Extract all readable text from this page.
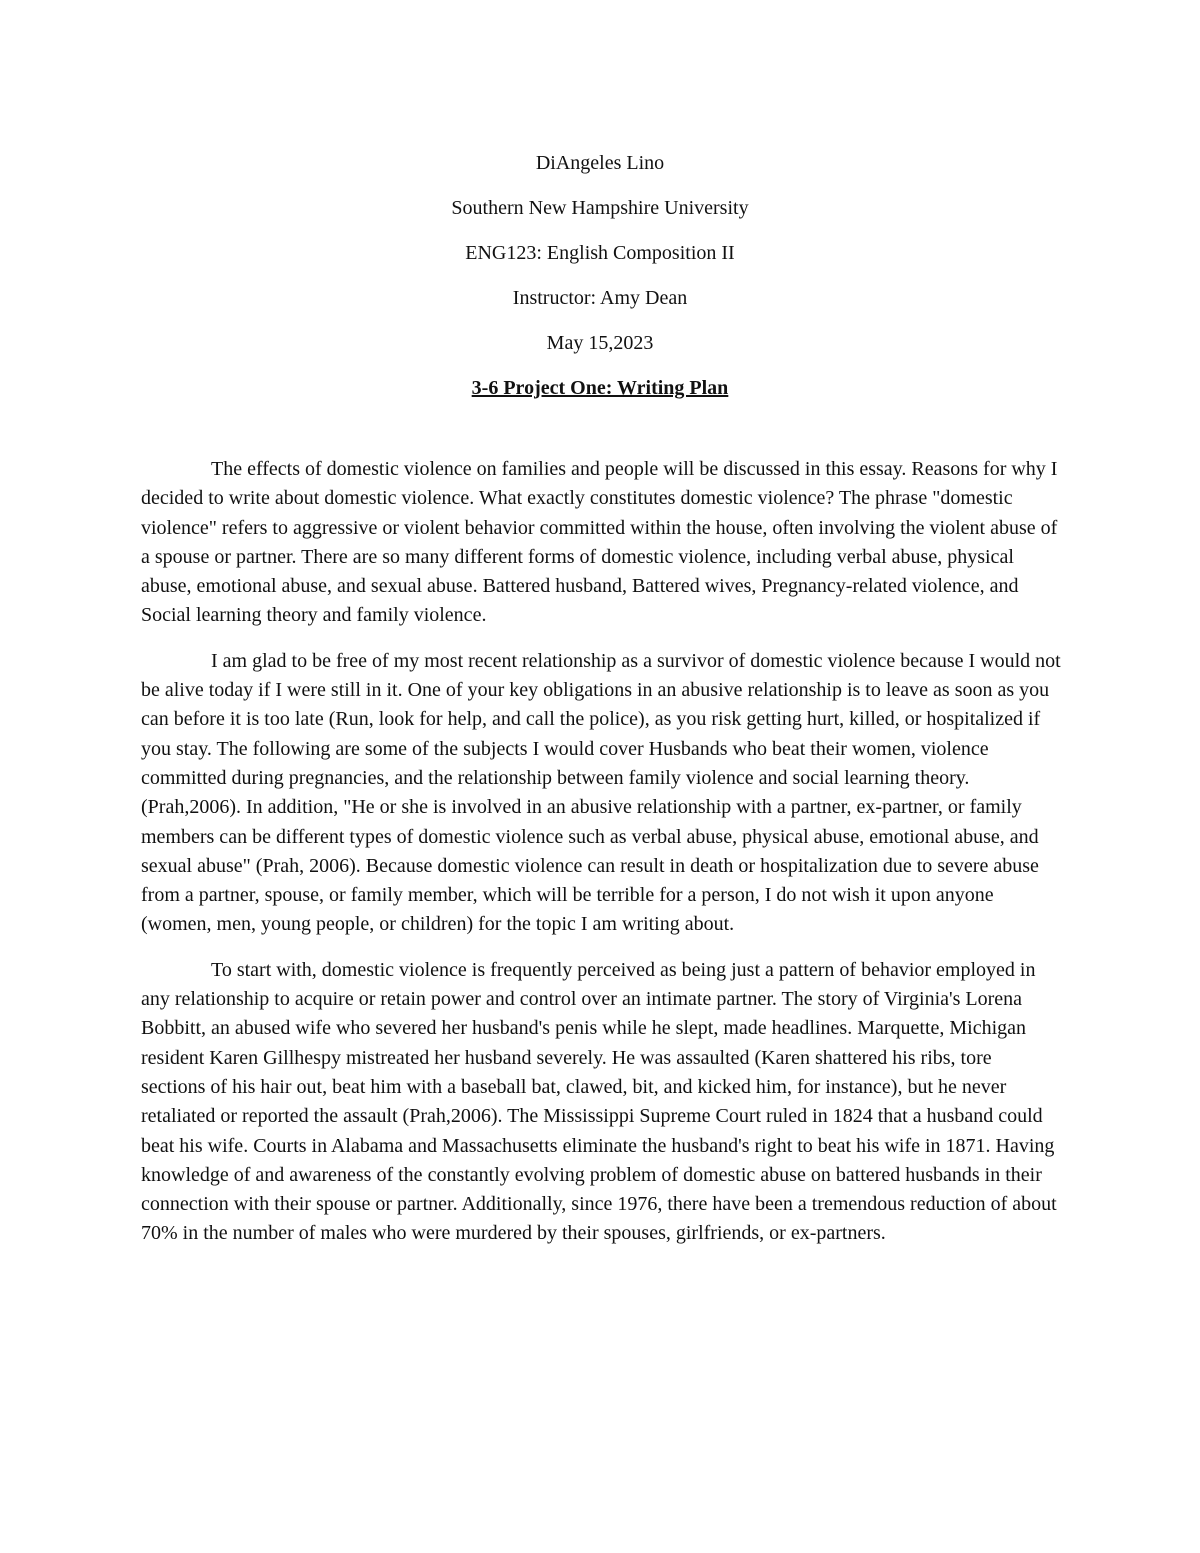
DiAngeles Lino
Southern New Hampshire University
ENG123: English Composition II
Instructor: Amy Dean
May 15,2023
3-6 Project One: Writing Plan

The effects of domestic violence on families and people will be discussed in this essay. Reasons for why I decided to write about domestic violence. What exactly constitutes domestic violence? The phrase "domestic violence" refers to aggressive or violent behavior committed within the house, often involving the violent abuse of a spouse or partner. There are so many different forms of domestic violence, including verbal abuse, physical abuse, emotional abuse, and sexual abuse. Battered husband, Battered wives, Pregnancy-related violence, and Social learning theory and family violence.

I am glad to be free of my most recent relationship as a survivor of domestic violence because I would not be alive today if I were still in it. One of your key obligations in an abusive relationship is to leave as soon as you can before it is too late (Run, look for help, and call the police), as you risk getting hurt, killed, or hospitalized if you stay. The following are some of the subjects I would cover Husbands who beat their women, violence committed during pregnancies, and the relationship between family violence and social learning theory. (Prah,2006). In addition, "He or she is involved in an abusive relationship with a partner, ex-partner, or family members can be different types of domestic violence such as verbal abuse, physical abuse, emotional abuse, and sexual abuse" (Prah, 2006). Because domestic violence can result in death or hospitalization due to severe abuse from a partner, spouse, or family member, which will be terrible for a person, I do not wish it upon anyone (women, men, young people, or children) for the topic I am writing about.

To start with, domestic violence is frequently perceived as being just a pattern of behavior employed in any relationship to acquire or retain power and control over an intimate partner. The story of Virginia's Lorena Bobbitt, an abused wife who severed her husband's penis while he slept, made headlines. Marquette, Michigan resident Karen Gillhespy mistreated her husband severely. He was assaulted (Karen shattered his ribs, tore sections of his hair out, beat him with a baseball bat, clawed, bit, and kicked him, for instance), but he never retaliated or reported the assault (Prah,2006). The Mississippi Supreme Court ruled in 1824 that a husband could beat his wife. Courts in Alabama and Massachusetts eliminate the husband's right to beat his wife in 1871. Having knowledge of and awareness of the constantly evolving problem of domestic abuse on battered husbands in their connection with their spouse or partner. Additionally, since 1976, there have been a tremendous reduction of about 70% in the number of males who were murdered by their spouses, girlfriends, or ex-partners.
